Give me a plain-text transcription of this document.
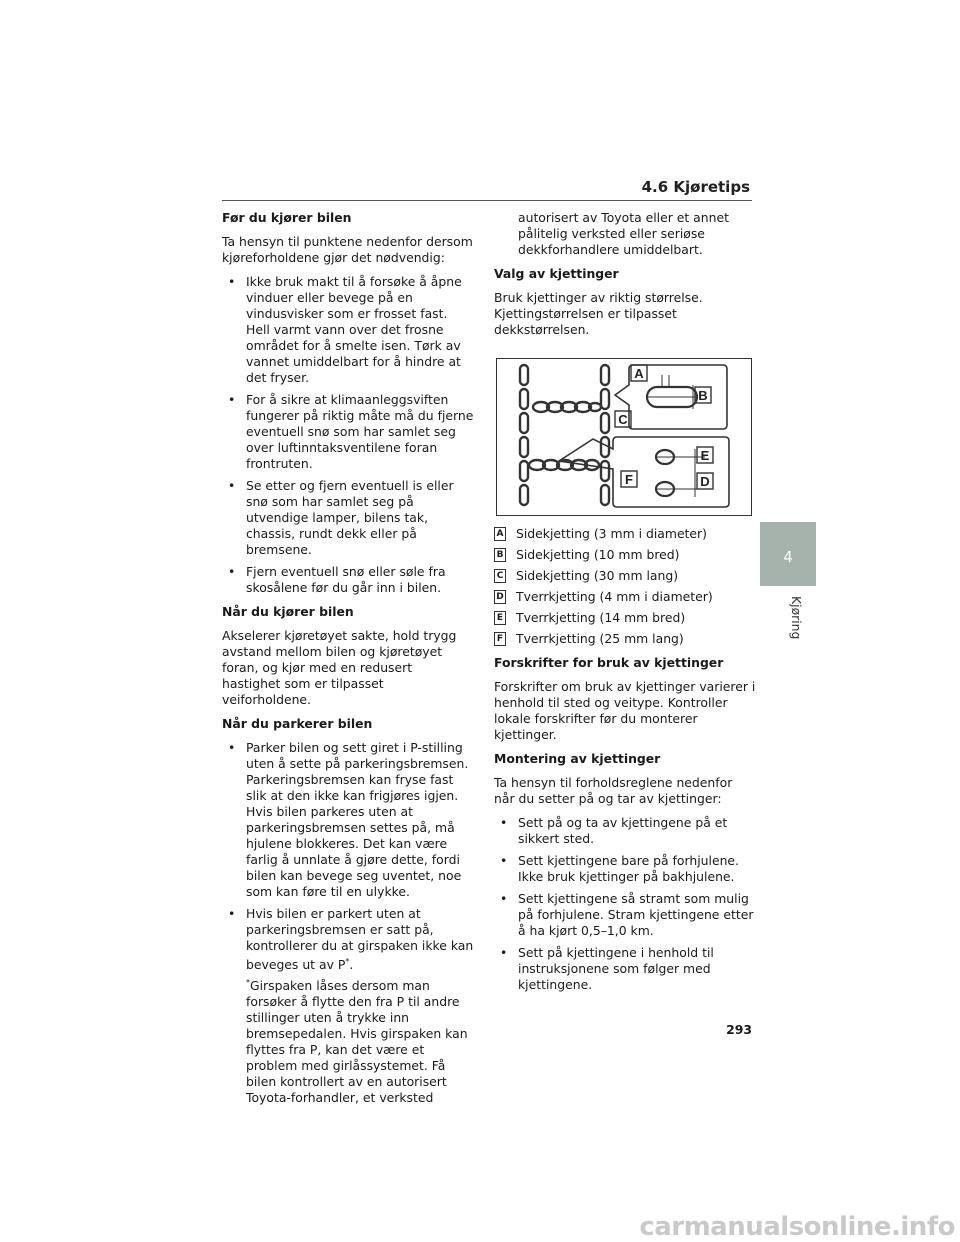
4.6 Kjøretips
Før du kjører bilen
Ta hensyn til punktene nedenfor dersom kjøreforholdene gjør det nødvendig:
• Ikke bruk makt til å forsøke å åpne vinduer eller bevege på en vindusvisker som er frosset fast. Hell varmt vann over det frosne området for å smelte isen. Tørk av vannet umiddelbart for å hindre at det fryser.
• For å sikre at klimaanleggsviften fungerer på riktig måte må du fjerne eventuell snø som har samlet seg over luftinntaksventilene foran frontruten.
• Se etter og fjern eventuell is eller snø som har samlet seg på utvendige lamper, bilens tak, chassis, rundt dekk eller på bremsene.
• Fjern eventuell snø eller søle fra skosålene før du går inn i bilen.
Når du kjører bilen
Akselerer kjøretøyet sakte, hold trygg avstand mellom bilen og kjøretøyet foran, og kjør med en redusert hastighet som er tilpasset veiforholdene.
Når du parkerer bilen
• Parker bilen og sett giret i P-stilling uten å sette på parkeringsbremsen. Parkeringsbremsen kan fryse fast slik at den ikke kan frigjøres igjen. Hvis bilen parkeres uten at parkeringsbremsen settes på, må hjulene blokkeres. Det kan være farlig å unnlate å gjøre dette, fordi bilen kan bevege seg uventet, noe som kan føre til en ulykke.
• Hvis bilen er parkert uten at parkeringsbremsen er satt på, kontrollerer du at girspaken ikke kan beveges ut av P*.
*Girspaken låses dersom man forsøker å flytte den fra P til andre stillinger uten å trykke inn bremsepedalen. Hvis girspaken kan flyttes fra P, kan det være et problem med girlåssystemet. Få bilen kontrollert av en autorisert Toyota-forhandler, et verksted
autorisert av Toyota eller et annet pålitelig verksted eller seriøse dekkforhandlere umiddelbart.
Valg av kjettinger
Bruk kjettinger av riktig størrelse. Kjettingstørrelsen er tilpasset dekkstørrelsen.
A
B
C
E
F	D
A Sidekjetting (3 mm i diameter)
B Sidekjetting (10 mm bred)
C Sidekjetting (30 mm lang)
D Tverrkjetting (4 mm i diameter)
E Tverrkjetting (14 mm bred)
F Tverrkjetting (25 mm lang)
Forskrifter for bruk av kjettinger
Forskrifter om bruk av kjettinger varierer i henhold til sted og veitype. Kontroller lokale forskrifter før du monterer kjettinger.
Montering av kjettinger
Ta hensyn til forholdsreglene nedenfor når du setter på og tar av kjettinger:
• Sett på og ta av kjettingene på et sikkert sted.
• Sett kjettingene bare på forhjulene. Ikke bruk kjettinger på bakhjulene.
• Sett kjettingene så stramt som mulig på forhjulene. Stram kjettingene etter å ha kjørt 0,5–1,0 km.
• Sett på kjettingene i henhold til instruksjonene som følger med kjettingene.
4
Kjøring
293
carmanualsonline.info
